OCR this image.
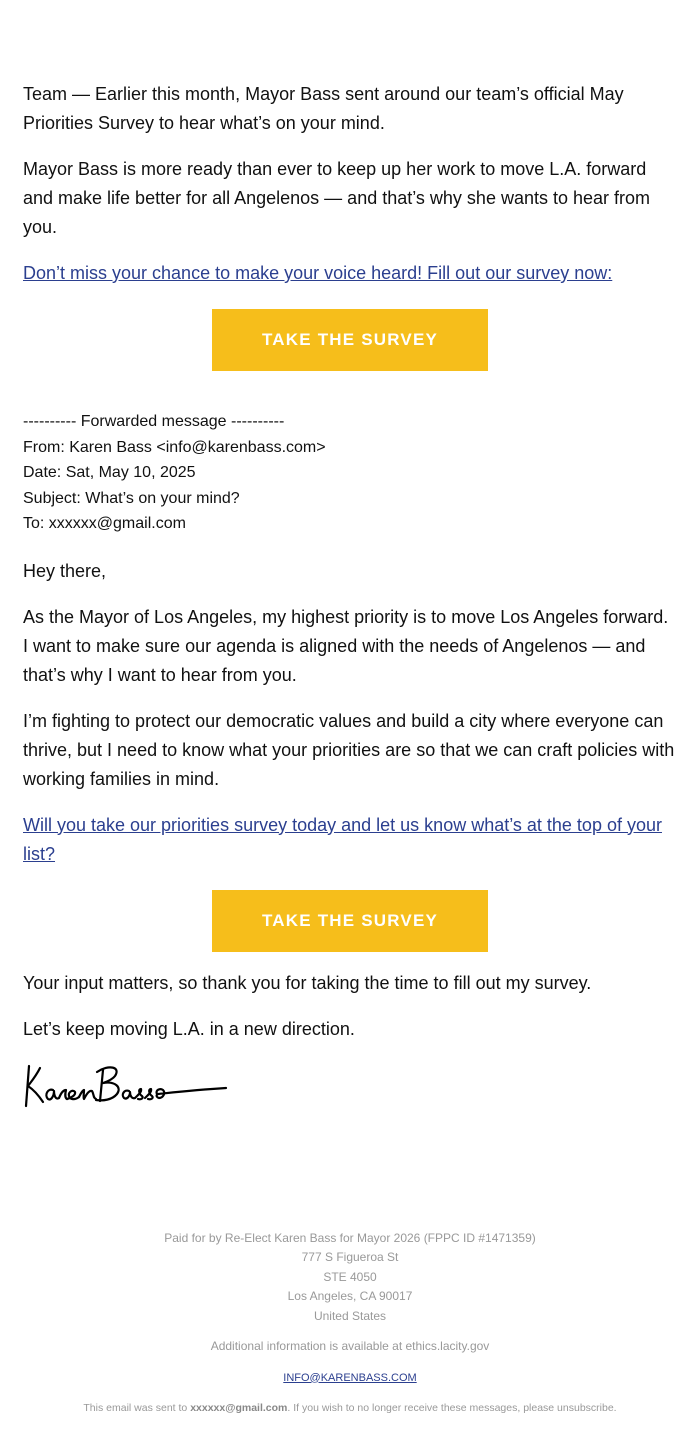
Team — Earlier this month, Mayor Bass sent around our team’s official May Priorities Survey to hear what’s on your mind.

Mayor Bass is more ready than ever to keep up her work to move L.A. forward and make life better for all Angelenos — and that’s why she wants to hear from you.

Don’t miss your chance to make your voice heard! Fill out our survey now:

TAKE THE SURVEY
---------- Forwarded message ----------
From: Karen Bass <info@karenbass.com>
Date: Sat, May 10, 2025
Subject: What’s on your mind?
To: xxxxxx@gmail.com

Hey there,

As the Mayor of Los Angeles, my highest priority is to move Los Angeles forward. I want to make sure our agenda is aligned with the needs of Angelenos — and that’s why I want to hear from you.

I’m fighting to protect our democratic values and build a city where everyone can thrive, but I need to know what your priorities are so that we can craft policies with working families in mind.

Will you take our priorities survey today and let us know what’s at the top of your list?

TAKE THE SURVEY

Your input matters, so thank you for taking the time to fill out my survey.

Let’s keep moving L.A. in a new direction.

Paid for by Re-Elect Karen Bass for Mayor 2026 (FPPC ID #1471359)
777 S Figueroa St
STE 4050
Los Angeles, CA 90017
United States
Additional information is available at ethics.lacity.gov
INFO@KARENBASS.COM
This email was sent to xxxxxx@gmail.com. If you wish to no longer receive these messages, please unsubscribe.
